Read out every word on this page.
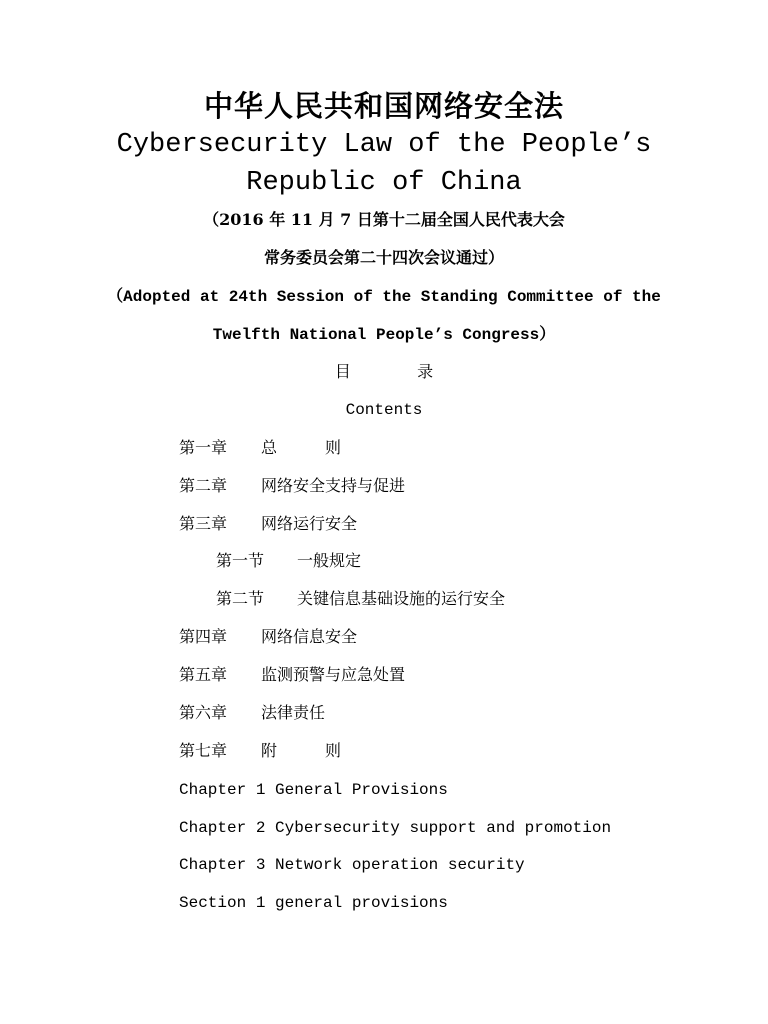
中华人民共和国网络安全法
Cybersecurity Law of the People’s
Republic of China
（2016 年 11 月 7 日第十二届全国人民代表大会
常务委员会第二十四次会议通过）
（Adopted at 24th Session of the Standing Committee of the
Twelfth National People’s Congress）
目	录
Contents
第一章 总　　　则
第二章 网络安全支持与促进
第三章 网络运行安全
第一节 一般规定
第二节 关键信息基础设施的运行安全
第四章 网络信息安全
第五章 监测预警与应急处置
第六章 法律责任
第七章 附　　　则
Chapter 1 General Provisions
Chapter 2 Cybersecurity support and promotion
Chapter 3 Network operation security
Section 1 general provisions
